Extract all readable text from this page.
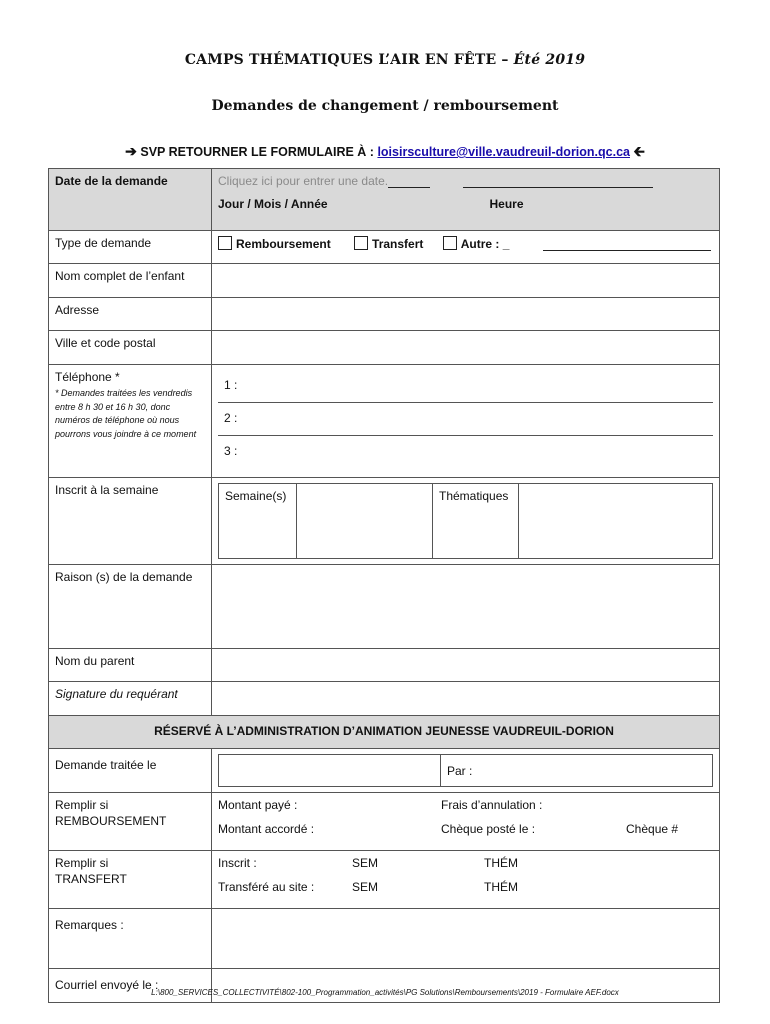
CAMPS THÉMATIQUES L’AIR EN FÊTE – Été 2019
Demandes de changement / remboursement
➔ SVP RETOURNER LE FORMULAIRE À : loisirsculture@ville.vaudreuil-dorion.qc.ca 🡰
Date de la demande	Cliquez ici pour entrer une date.
Jour / Mois / Année	Heure

Type de demande	Remboursement	Transfert	Autre : _
Nom complet de l’enfant	
Adresse	
Ville et code postal	

Téléphone *
* Demandes traitées les vendredis entre 8 h 30 et 16 h 30, donc numéros de téléphone où nous pourrons vous joindre à ce moment

1 :
2 :
3 :

Inscrit à la semaine		Semaine(s)		Thématiques	

Raison (s) de la demande	
Nom du parent	
Signature du requérant	
RÉSERVÉ À L’ADMINISTRATION D’ANIMATION JEUNESSE VAUDREUIL-DORION
Demande traitée le	
		Par :

Remplir si
REMBOURSEMENT

Montant payé :	Frais d’annulation :
Montant accordé :	Chèque posté le :	Chèque #

Remplir si
TRANSFERT

Inscrit :	SEM	THÉM
Transféré au site :	SEM	THÉM

Remarques :	
Courriel envoyé le :	
L:\800_SERVICES_COLLECTIVITÉ\802-100_Programmation_activités\PG Solutions\Remboursements\2019 - Formulaire AEF.docx
